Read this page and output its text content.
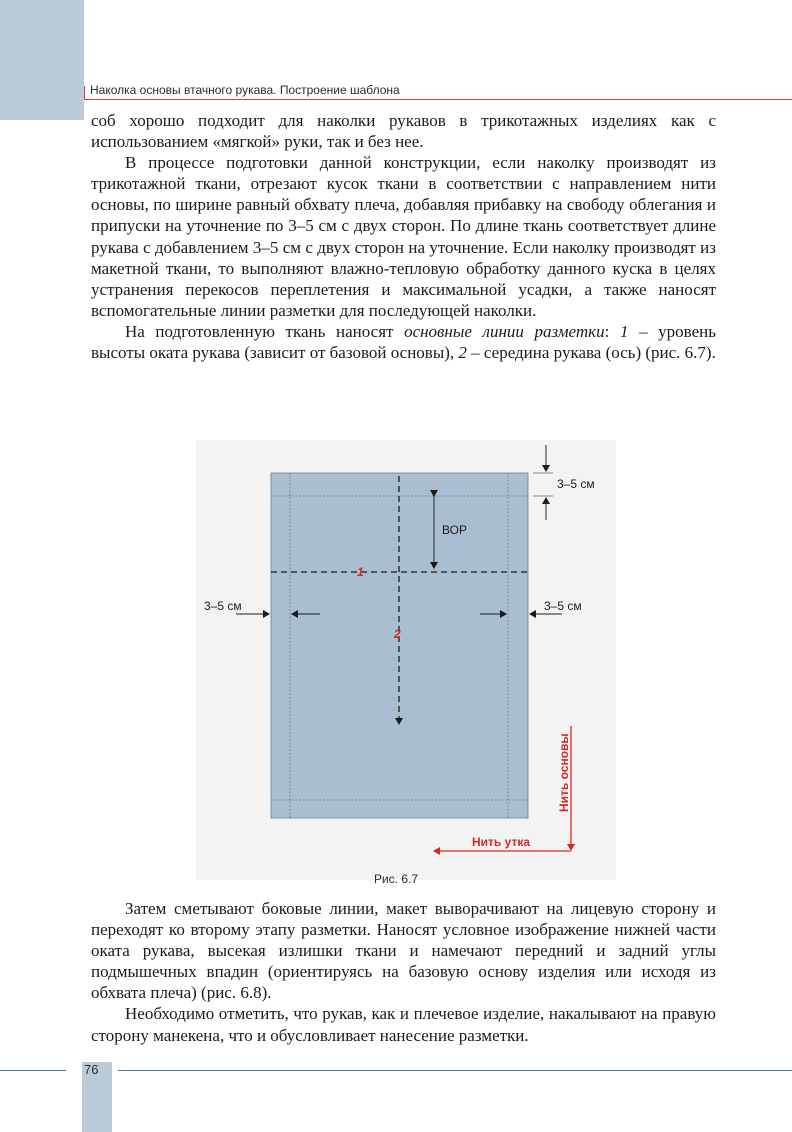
Наколка основы втачного рукава. Построение шаблона

соб хорошо подходит для наколки рукавов в трикотажных изделиях как с использованием «мягкой» руки, так и без нее.

В процессе подготовки данной конструкции, если наколку производят из трикотажной ткани, отрезают кусок ткани в соответствии с направлением нити основы, по ширине равный обхвату плеча, добавляя прибавку на свободу облегания и припуски на уточнение по 3–5 см с двух сторон. По длине ткань соответствует длине рукава с добавлением 3–5 см с двух сторон на уточнение. Если наколку производят из макетной ткани, то выполняют влажно-тепловую обработку данного куска в целях устранения перекосов переплетения и максимальной усадки, а также наносят вспомогательные линии разметки для последующей наколки.

На подготовленную ткань наносят основные линии разметки: 1 – уровень высоты оката рукава (зависит от базовой основы), 2 – середина рукава (ось) (рис. 6.7).

ВОР
1
2
3–5 см
3–5 см	3–5 см
Нить основы
Нить утка
Рис. 6.7

Затем сметывают боковые линии, макет выворачивают на лицевую сторону и переходят ко второму этапу разметки. Наносят условное изображение нижней части оката рукава, высекая излишки ткани и намечают передний и задний углы подмышечных впадин (ориентируясь на базовую основу изделия или исходя из обхвата плеча) (рис. 6.8).

Необходимо отметить, что рукав, как и плечевое изделие, накалывают на правую сторону манекена, что и обусловливает нанесение разметки.

76
